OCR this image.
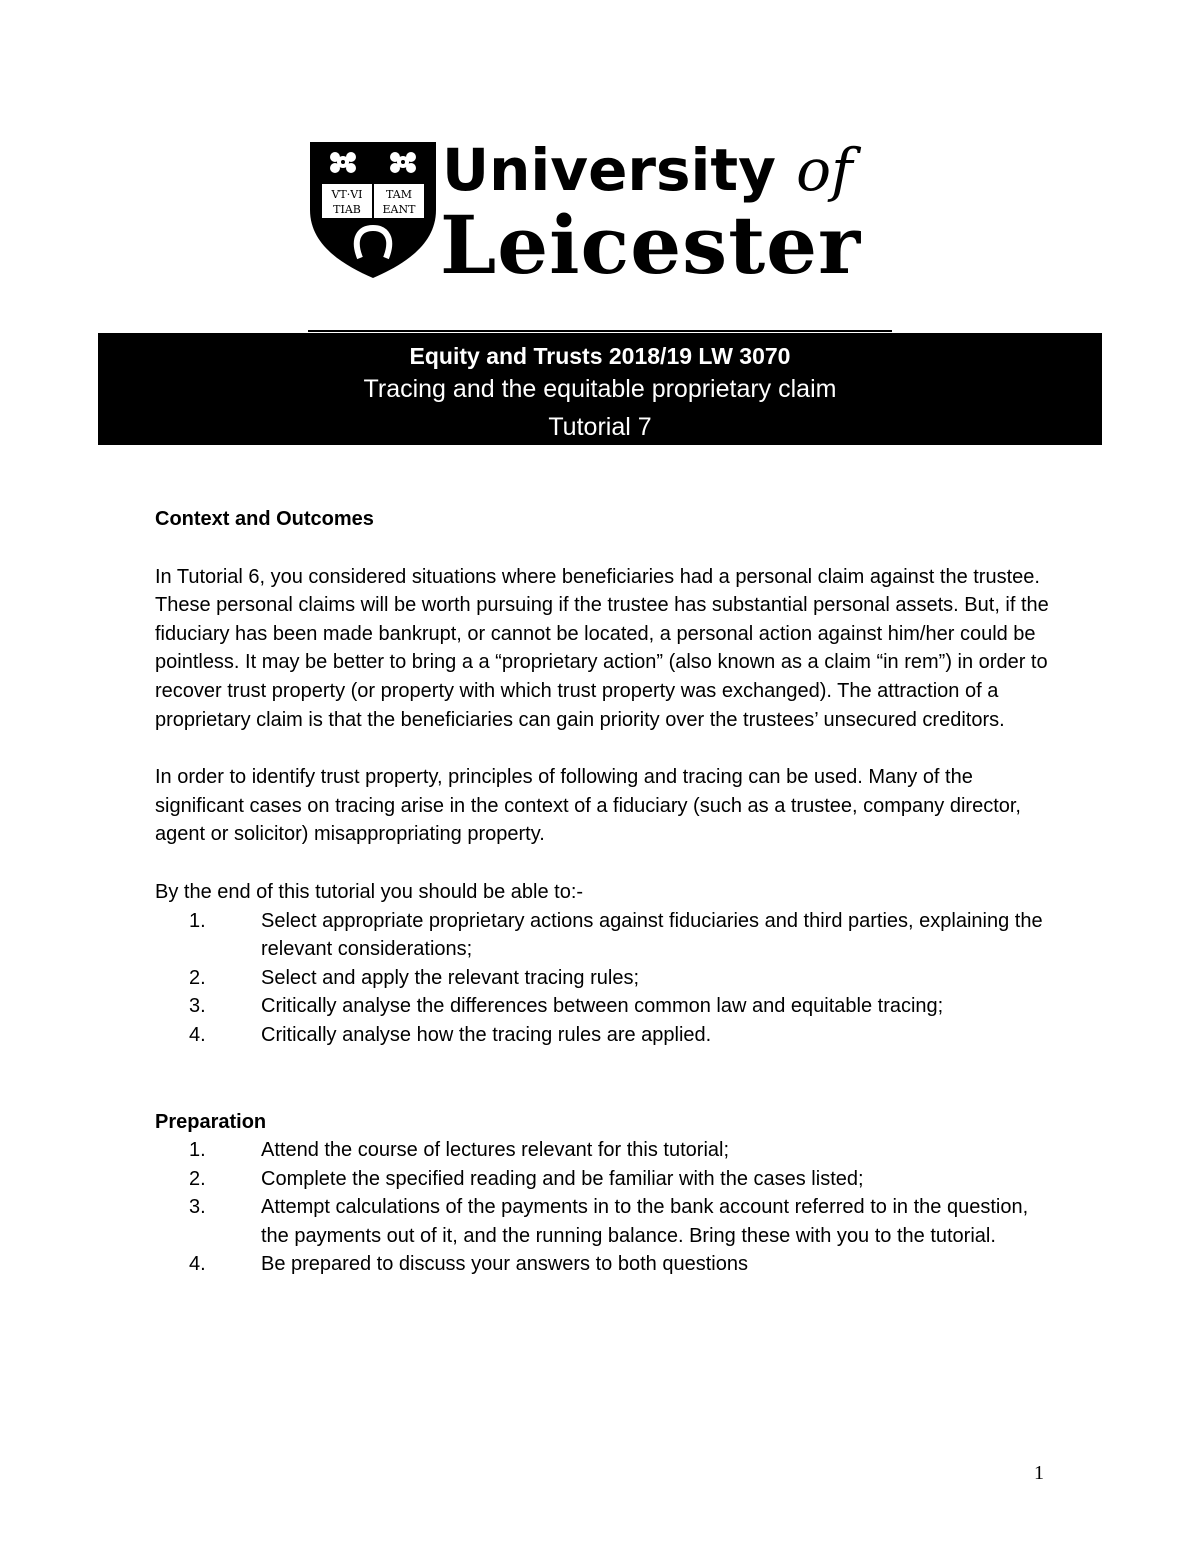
VT·VI TAM
TIAB EANT
University of
Leicester
Equity and Trusts 2018/19 LW 3070
Tracing and the equitable proprietary claim
Tutorial 7

Context and Outcomes

In Tutorial 6, you considered situations where beneficiaries had a personal claim against the trustee. These personal claims will be worth pursuing if the trustee has substantial personal assets. But, if the fiduciary has been made bankrupt, or cannot be located, a personal action against him/her could be pointless. It may be better to bring a a “proprietary action” (also known as a claim “in rem”) in order to recover trust property (or property with which trust property was exchanged). The attraction of a proprietary claim is that the beneficiaries can gain priority over the trustees’ unsecured creditors.

In order to identify trust property, principles of following and tracing can be used. Many of the significant cases on tracing arise in the context of a fiduciary (such as a trustee, company director, agent or solicitor) misappropriating property.

By the end of this tutorial you should be able to:-

1.	Select appropriate proprietary actions against fiduciaries and third parties, explaining the relevant considerations;
2.	Select and apply the relevant tracing rules;
3.	Critically analyse the differences between common law and equitable tracing;
4.	Critically analyse how the tracing rules are applied.

Preparation

1.	Attend the course of lectures relevant for this tutorial;
2.	Complete the specified reading and be familiar with the cases listed;
3.	Attempt calculations of the payments in to the bank account referred to in the question, the payments out of it, and the running balance. Bring these with you to the tutorial.
4.	Be prepared to discuss your answers to both questions
1
